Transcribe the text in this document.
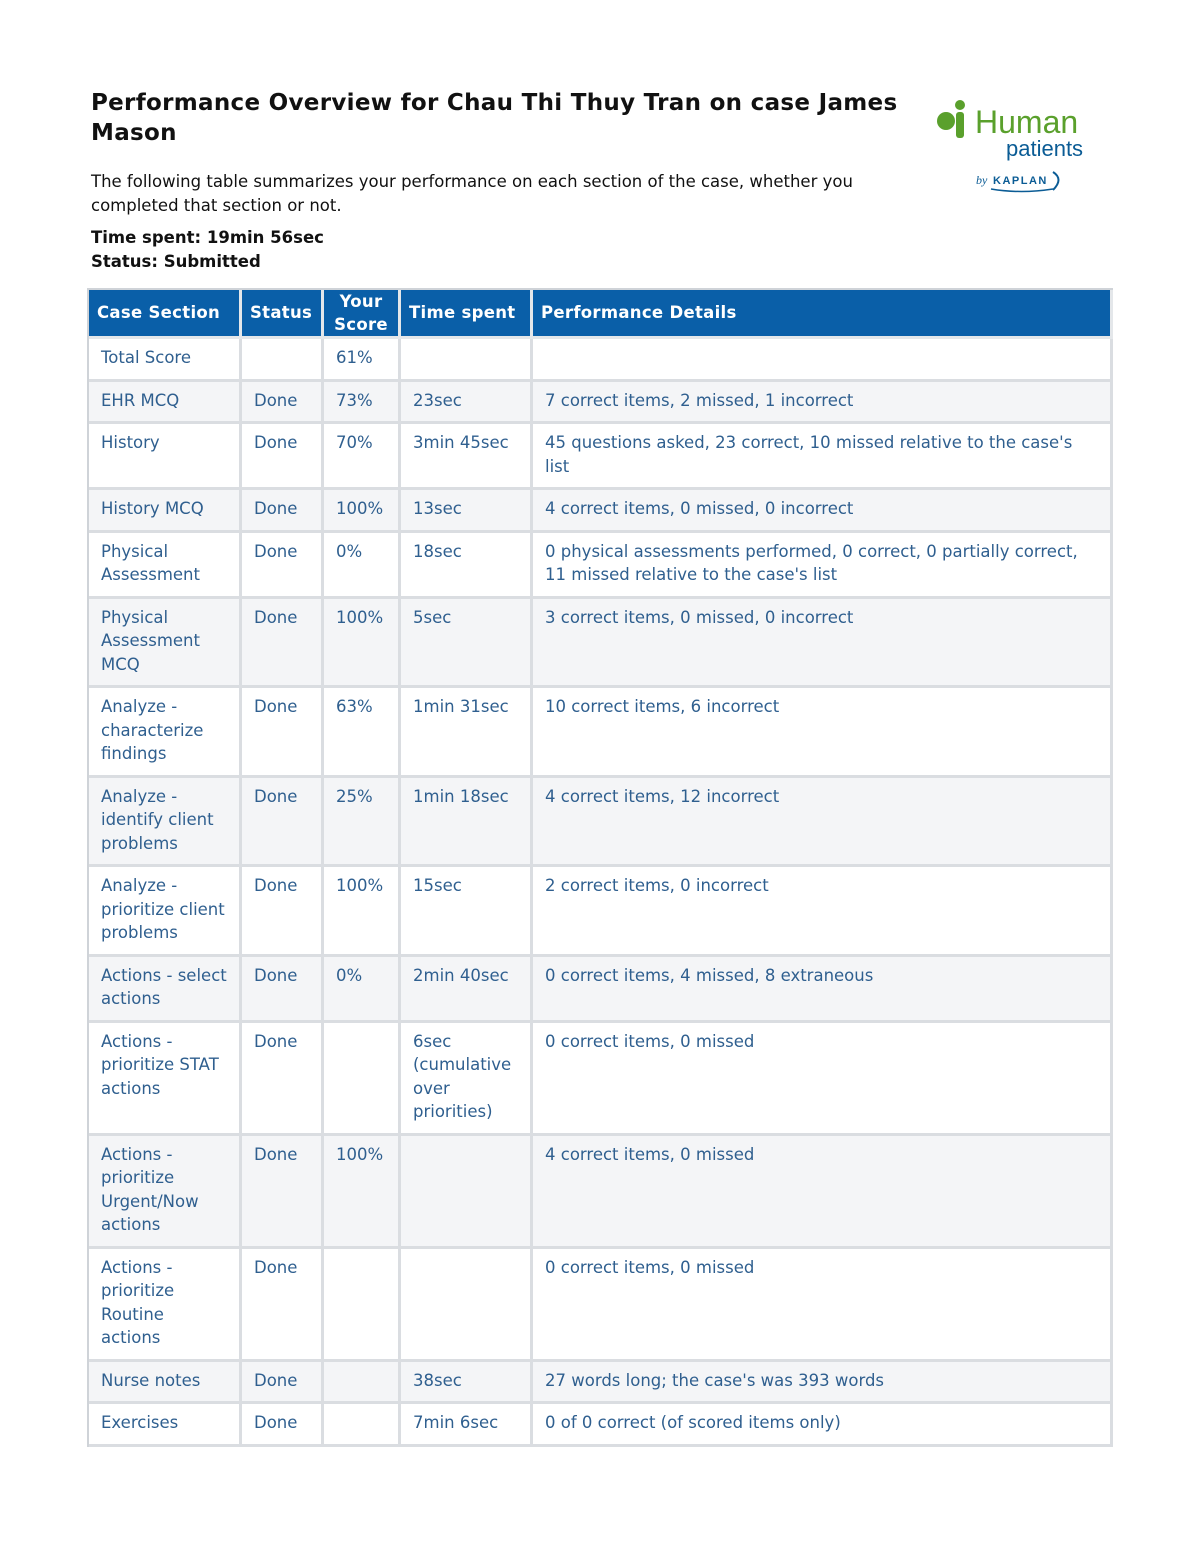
Performance Overview for Chau Thi Thuy Tran on case James Mason

The following table summarizes your performance on each section of the case, whether you completed that section or not.

Time spent: 19min 56sec
Status: Submitted
Human
patients
by KAPLAN
Case Section	Status	Your Score	Time spent	Performance Details
Total Score		61%		
EHR MCQ	Done	73%	23sec	7 correct items, 2 missed, 1 incorrect
History	Done	70%	3min 45sec	45 questions asked, 23 correct, 10 missed relative to the case's list
History MCQ	Done	100%	13sec	4 correct items, 0 missed, 0 incorrect
Physical Assessment	Done	0%	18sec	0 physical assessments performed, 0 correct, 0 partially correct, 11 missed relative to the case's list
Physical Assessment MCQ	Done	100%	5sec	3 correct items, 0 missed, 0 incorrect
Analyze - characterize findings	Done	63%	1min 31sec	10 correct items, 6 incorrect
Analyze - identify client problems	Done	25%	1min 18sec	4 correct items, 12 incorrect
Analyze - prioritize client problems	Done	100%	15sec	2 correct items, 0 incorrect
Actions - select actions	Done	0%	2min 40sec	0 correct items, 4 missed, 8 extraneous
Actions - prioritize STAT actions	Done		6sec (cumulative over priorities)	0 correct items, 0 missed
Actions - prioritize Urgent/Now actions	Done	100%		4 correct items, 0 missed
Actions - prioritize Routine actions	Done			0 correct items, 0 missed
Nurse notes	Done		38sec	27 words long; the case's was 393 words
Exercises	Done		7min 6sec	0 of 0 correct (of scored items only)
